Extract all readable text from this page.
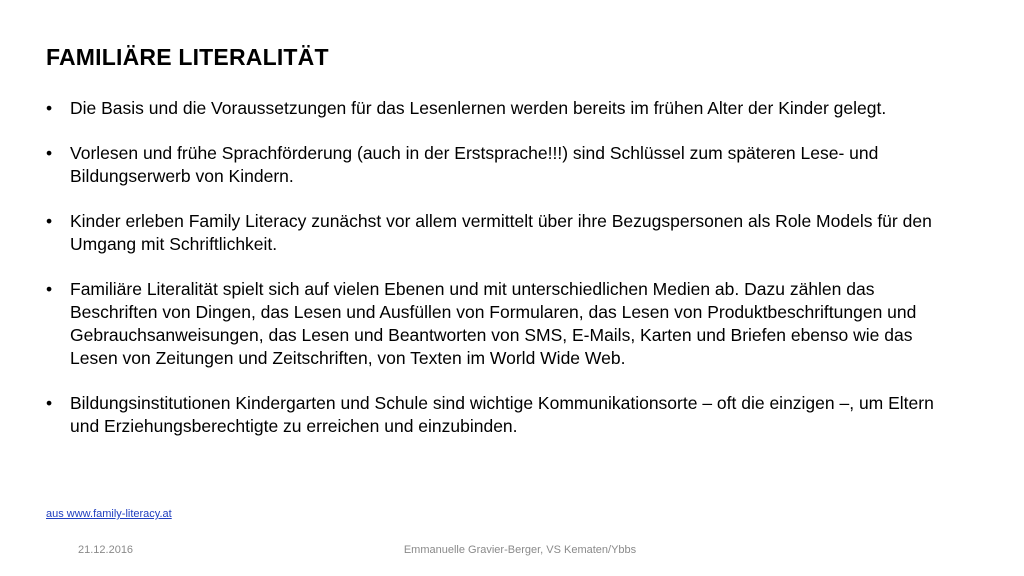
FAMILIÄRE LITERALITÄT
• Die Basis und die Voraussetzungen für das Lesenlernen werden bereits im frühen Alter der Kinder gelegt.
• Vorlesen und frühe Sprachförderung (auch in der Erstsprache!!!) sind Schlüssel zum späteren Lese- und Bildungserwerb von Kindern.
• Kinder erleben Family Literacy zunächst vor allem vermittelt über ihre Bezugspersonen als Role Models für den Umgang mit Schriftlichkeit.
• Familiäre Literalität spielt sich auf vielen Ebenen und mit unterschiedlichen Medien ab. Dazu zählen das Beschriften von Dingen, das Lesen und Ausfüllen von Formularen, das Lesen von Produktbeschriftungen und Gebrauchsanweisungen, das Lesen und Beantworten von SMS, E-Mails, Karten und Briefen ebenso wie das Lesen von Zeitungen und Zeitschriften, von Texten im World Wide Web.
• Bildungsinstitutionen Kindergarten und Schule sind wichtige Kommunikationsorte – oft die einzigen –, um Eltern und Erziehungsberechtigte zu erreichen und einzubinden.
aus www.family-literacy.at
Emmanuelle Gravier-Berger, VS Kematen/Ybbs
21.12.2016
